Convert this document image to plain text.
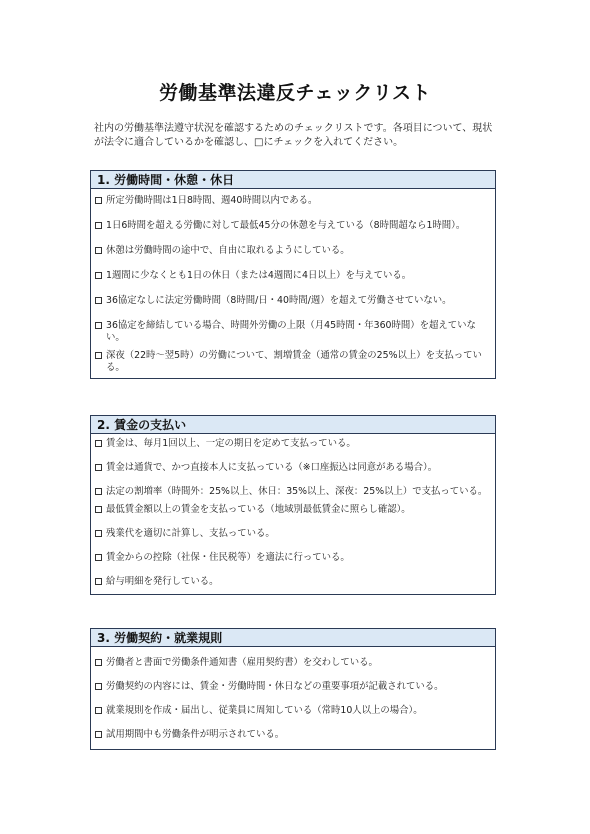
労働基準法違反チェックリスト
社内の労働基準法遵守状況を確認するためのチェックリストです。各項目について、現状が法令に適合しているかを確認し、□にチェックを入れてください。
1. 労働時間・休憩・休日
所定労働時間は1日8時間、週40時間以内である。
1日6時間を超える労働に対して最低45分の休憩を与えている（8時間超なら1時間）。
休憩は労働時間の途中で、自由に取れるようにしている。
1週間に少なくとも1日の休日（または4週間に4日以上）を与えている。
36協定なしに法定労働時間（8時間/日・40時間/週）を超えて労働させていない。
36協定を締結している場合、時間外労働の上限（月45時間・年360時間）を超えていない。
深夜（22時〜翌5時）の労働について、割増賃金（通常の賃金の25%以上）を支払っている。
2. 賃金の支払い
賃金は、毎月1回以上、一定の期日を定めて支払っている。
賃金は通貨で、かつ直接本人に支払っている（※口座振込は同意がある場合）。
法定の割増率（時間外：25%以上、休日：35%以上、深夜：25%以上）で支払っている。
最低賃金額以上の賃金を支払っている（地域別最低賃金に照らし確認）。
残業代を適切に計算し、支払っている。
賃金からの控除（社保・住民税等）を適法に行っている。
給与明細を発行している。
3. 労働契約・就業規則
労働者と書面で労働条件通知書（雇用契約書）を交わしている。
労働契約の内容には、賃金・労働時間・休日などの重要事項が記載されている。
就業規則を作成・届出し、従業員に周知している（常時10人以上の場合）。
試用期間中も労働条件が明示されている。
